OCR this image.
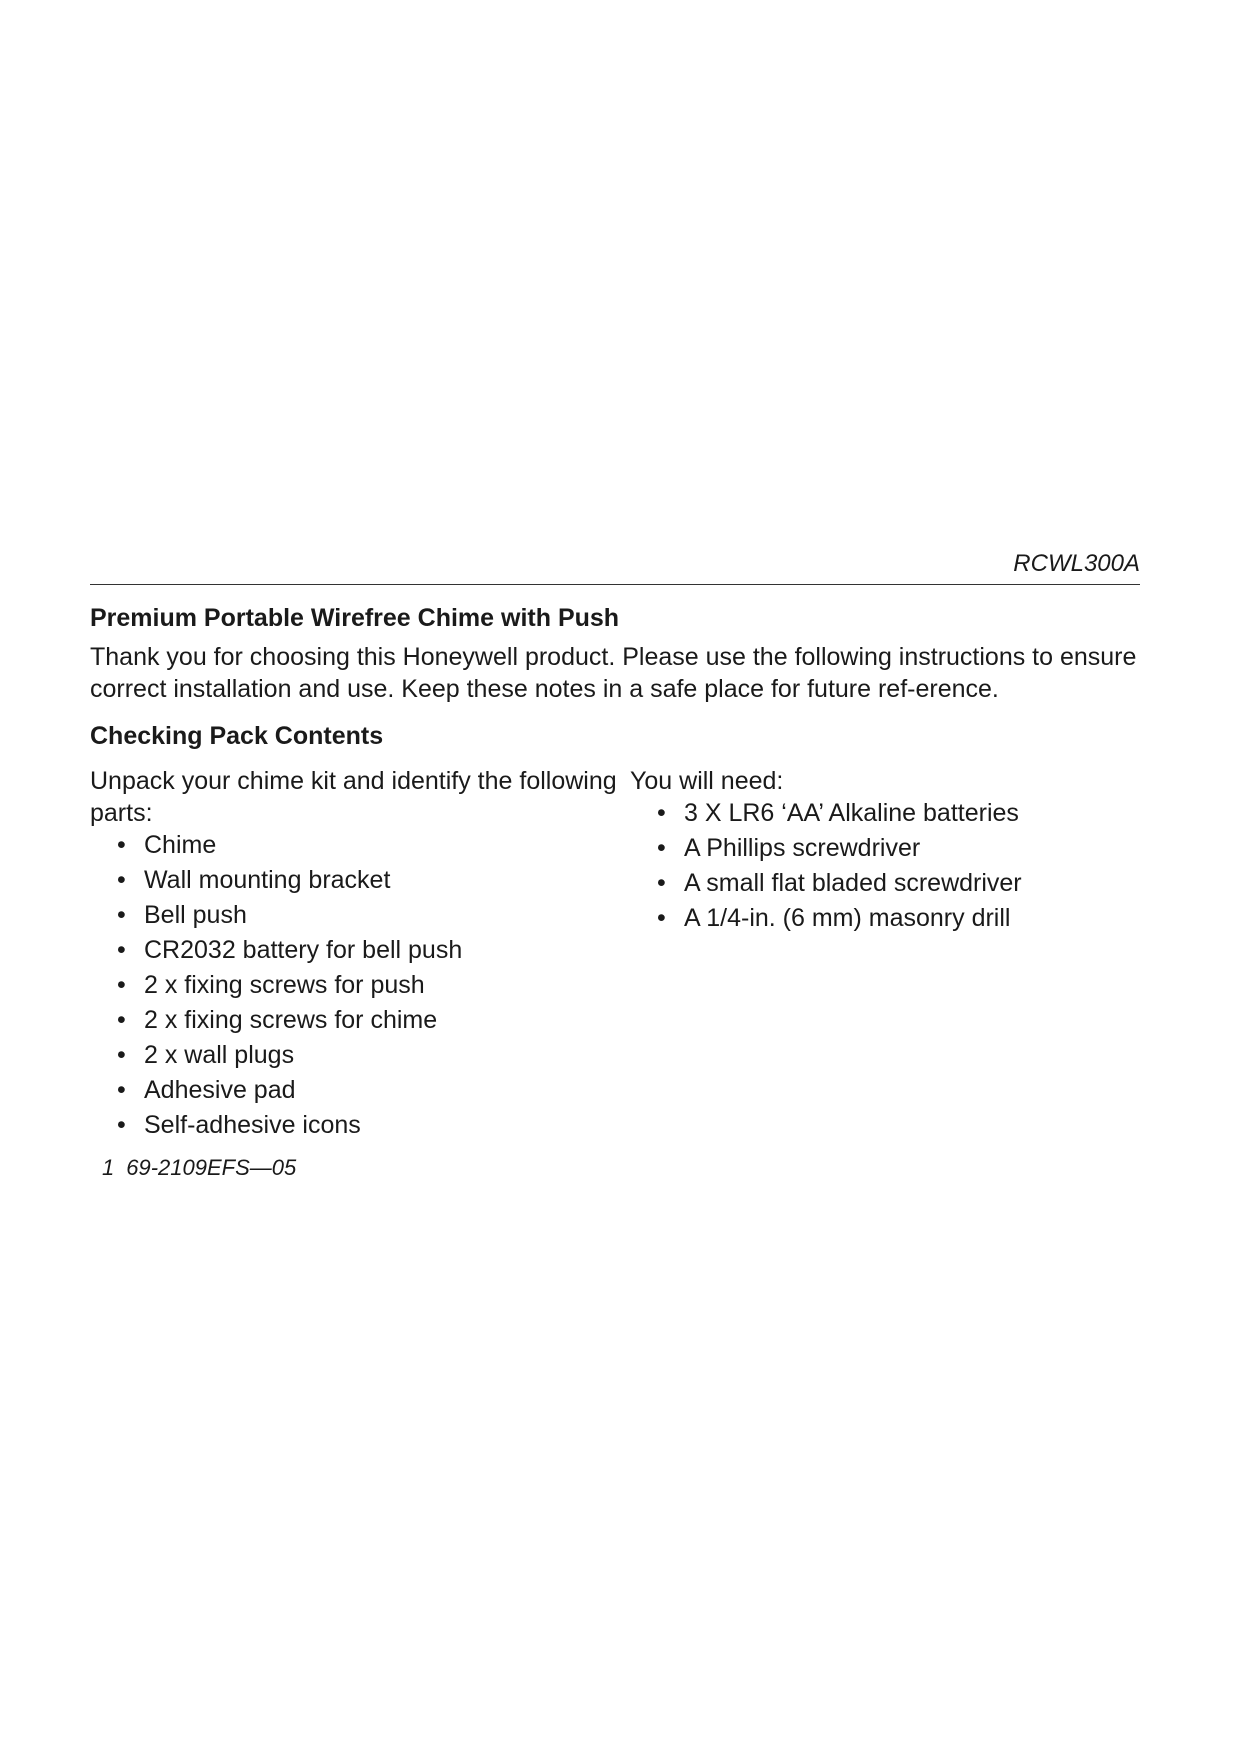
RCWL300A
Premium Portable Wirefree Chime with Push

Thank you for choosing this Honeywell product. Please use the following instructions to ensure correct installation and use. Keep these notes in a safe place for future ref-erence.

Checking Pack Contents

Unpack your chime kit and identify the following parts:

• Chime
• Wall mounting bracket
• Bell push
• CR2032 battery for bell push
• 2 x fixing screws for push
• 2 x fixing screws for chime
• 2 x wall plugs
• Adhesive pad
• Self-adhesive icons

You will need:

• 3 X LR6 ‘AA’ Alkaline batteries
• A Phillips screwdriver
• A small flat bladed screwdriver
• A 1/4-in. (6 mm) masonry drill
1 69-2109EFS—05
